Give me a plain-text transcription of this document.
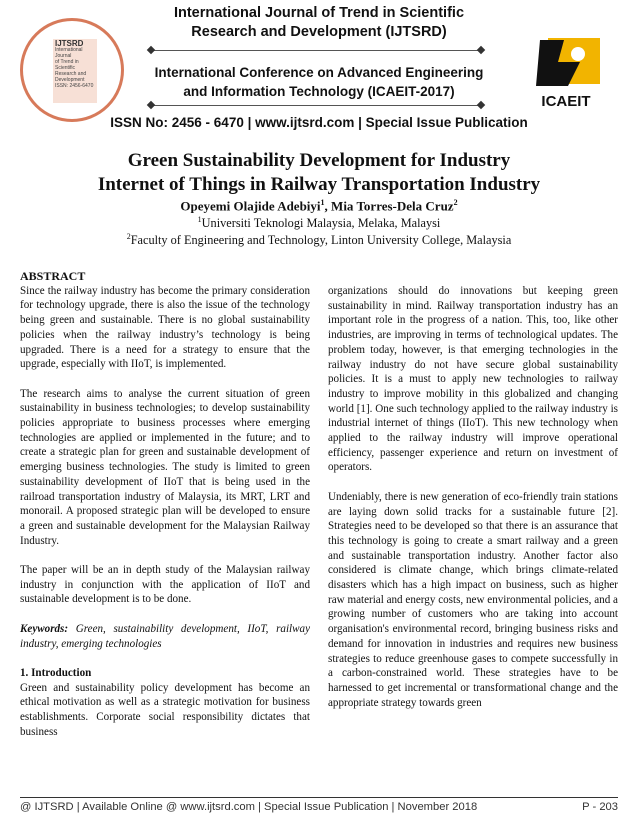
IJTSRD
International Journal
of Trend in Scientific
Research and
Development
ISSN: 2456-6470
ICAEIT
International Journal of Trend in Scientific
Research and Development (IJTSRD)
International Conference on Advanced Engineering
and Information Technology (ICAEIT-2017)
ISSN No: 2456 - 6470 | www.ijtsrd.com | Special Issue Publication
Green Sustainability Development for Industry
Internet of Things in Railway Transportation Industry
Opeyemi Olajide Adebiyi$^1$, Mia Torres-Dela Cruz$^2$
$^1$Universiti Teknologi Malaysia, Melaka, Malaysi
$^2$Faculty of Engineering and Technology, Linton University College, Malaysia

ABSTRACT

Since the railway industry has become the primary consideration for technology upgrade, there is also the issue of the technology being green and sustainable. There is no global sustainability policies when the railway industry’s technology is being upgraded. There is a need for a strategy to ensure that the upgrade, especially with IIoT, is implemented.

The research aims to analyse the current situation of green sustainability in business technologies; to develop sustainability policies appropriate to business processes where emerging technologies are applied or implemented in the future; and to create a strategic plan for green and sustainable development of emerging business technologies. The study is limited to green sustainability development of IIoT that is being used in the railroad transportation industry of Malaysia, its MRT, LRT and monorail. A proposed strategic plan will be developed to ensure a green and sustainable development for the Malaysian Railway Industry.

The paper will be an in depth study of the Malaysian railway industry in conjunction with the application of IIoT and sustainable development is to be done.

Keywords: Green, sustainability development, IIoT, railway industry, emerging technologies

1. Introduction

Green and sustainability policy development has become an ethical motivation as well as a strategic motivation for business establishments. Corporate social responsibility dictates that business

organizations should do innovations but keeping green sustainability in mind. Railway transportation industry has an important role in the progress of a nation. This, too, like other industries, are improving in terms of technological updates. The problem today, however, is that emerging technologies in the railway industry do not have secure global sustainability policies. It is a must to apply new technologies to railway industry to improve mobility in this globalized and changing world [1]. One such technology applied to the railway industry is industrial internet of things (IIoT). This new technology when applied to the railway industry will improve operational efficiency, passenger experience and return on investment of operators.

Undeniably, there is new generation of eco-friendly train stations are laying down solid tracks for a sustainable future [2]. Strategies need to be developed so that there is an assurance that this technology is going to create a smart railway and a green and sustainable transportation industry. Another factor also considered is climate change, which brings climate-related disasters which has a high impact on business, such as higher raw material and energy costs, new environmental policies, and a growing number of customers who are taking into account organisation's environmental record, bringing business risks and demand for innovation in industries and requires new business strategies to reduce greenhouse gases to compete successfully in a carbon-constrained world. These strategies have to be harnessed to get incremental or transformational change and the appropriate strategy towards green

@ IJTSRD | Available Online @ www.ijtsrd.com | Special Issue Publication | November 2018	P - 203
